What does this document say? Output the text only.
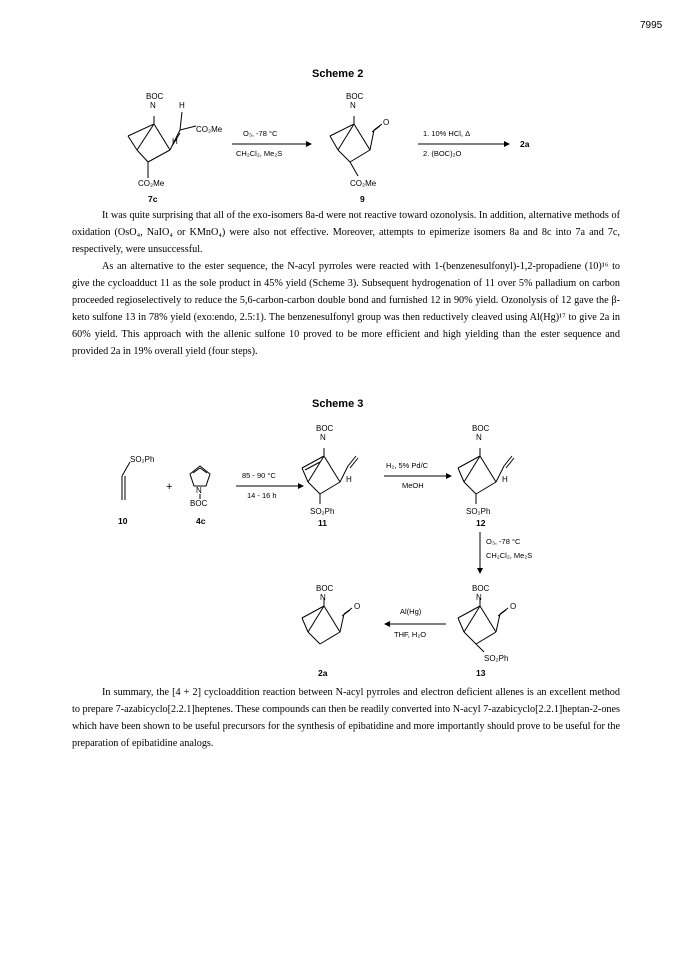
7995
Scheme 2
BOC
N	H
CO₂Me
H
CO₂Me
7c
O₃, -78 °C
CH₂Cl₂, Me₂S
BOC
N
O
CO₂Me
9
1. 10% HCl, Δ
2. (BOC)₂O
2a
It was quite surprising that all of the exo-isomers 8a-d were not reactive toward ozonolysis. In addition, alternative methods of oxidation (OsO₄, NaIO₄ or KMnO₄) were also not effective. Moreover, attempts to epimerize isomers 8a and 8c into 7a and 7c, respectively, were unsuccessful.
As an alternative to the ester sequence, the N-acyl pyrroles were reacted with 1-(benzenesulfonyl)-1,2-propadiene (10)¹⁶ to give the cycloadduct 11 as the sole product in 45% yield (Scheme 3). Subsequent hydrogenation of 11 over 5% palladium on carbon proceeded regioselectively to reduce the 5,6-carbon-carbon double bond and furnished 12 in 90% yield. Ozonolysis of 12 gave the β-keto sulfone 13 in 78% yield (exo:endo, 2.5:1). The benzenesulfonyl group was then reductively cleaved using Al(Hg)¹⁷ to give 2a in 60% yield. This approach with the allenic sulfone 10 proved to be more efficient and high yielding than the ester sequence and provided 2a in 19% overall yield (four steps).
Scheme 3
SO₂Ph
10
+	N
BOC
4c
85 - 90 °C
14 - 16 h
BOC
N
H
SO₂Ph
11
H₂, 5% Pd/C
MeOH
BOC
N
H
SO₂Ph
12
O₃, -78 °C
CH₂Cl₂, Me₂S
BOC
N
O
SO₂Ph
13
Al(Hg)
THF, H₂O
BOC
N
O
2a
In summary, the [4 + 2] cycloaddition reaction between N-acyl pyrroles and electron deficient allenes is an excellent method to prepare 7-azabicyclo[2.2.1]heptenes. These compounds can then be readily converted into N-acyl 7-azabicyclo[2.2.1]heptan-2-ones which have been shown to be useful precursors for the synthesis of epibatidine and more importantly should prove to be useful for the preparation of epibatidine analogs.
